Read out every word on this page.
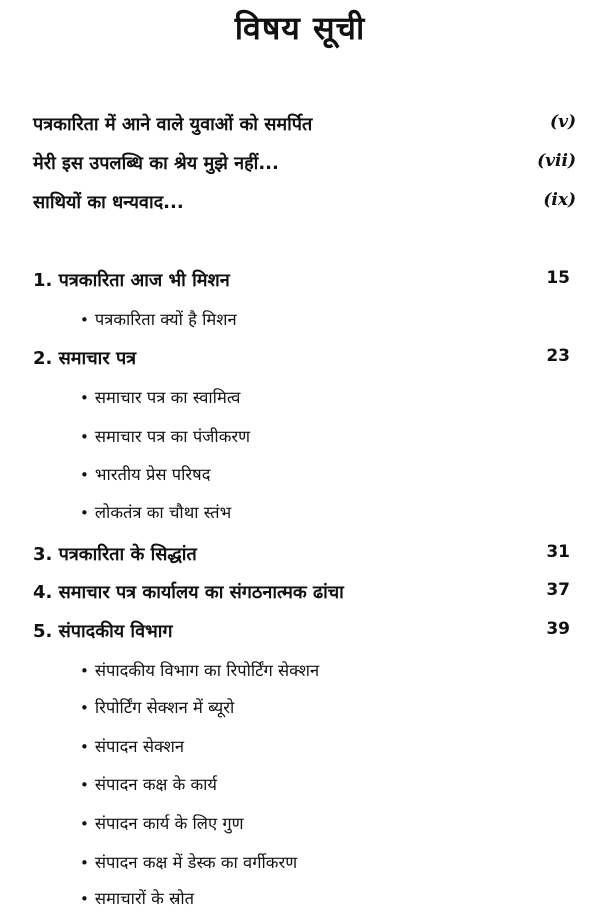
विषय सूची
पत्रकारिता में आने वाले युवाओं को समर्पित	(v)
मेरी इस उपलब्धि का श्रेय मुझे नहीं...	(vii)
साथियों का धन्यवाद...	(ix)
1. पत्रकारिता आज भी मिशन	15
• पत्रकारिता क्यों है मिशन
2. समाचार पत्र	23
• समाचार पत्र का स्वामित्व
• समाचार पत्र का पंजीकरण
• भारतीय प्रेस परिषद
• लोकतंत्र का चौथा स्तंभ
3. पत्रकारिता के सिद्धांत	31
4. समाचार पत्र कार्यालय का संगठनात्मक ढांचा	37
5. संपादकीय विभाग	39
• संपादकीय विभाग का रिपोर्टिंग सेक्शन
• रिपोर्टिंग सेक्शन में ब्यूरो
• संपादन सेक्शन
• संपादन कक्ष के कार्य
• संपादन कार्य के लिए गुण
• संपादन कक्ष में डेस्क का वर्गीकरण
• समाचारों के स्रोत
